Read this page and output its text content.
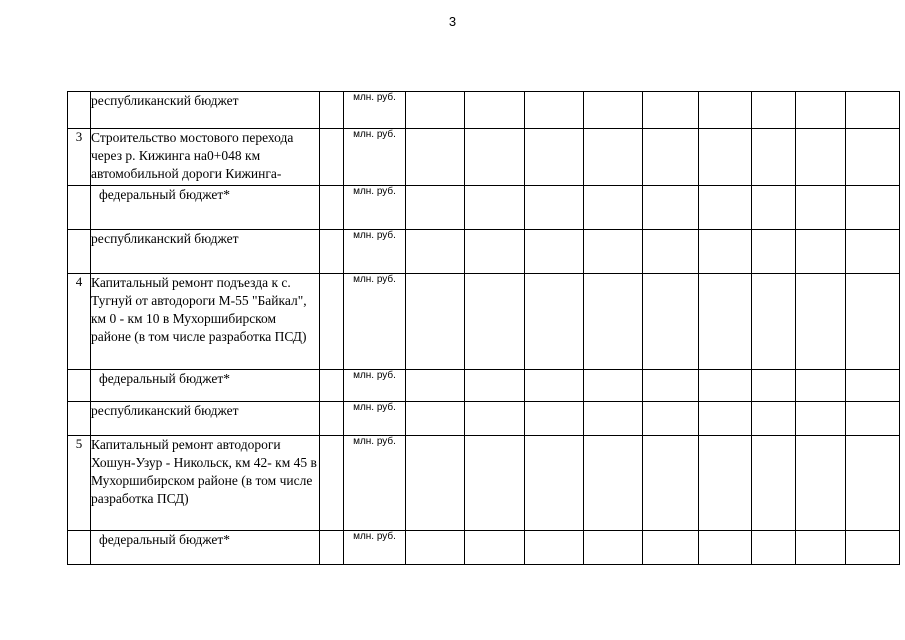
3

	республиканский бюджет		млн. руб.									
3	Строительство мостового перехода через р. Кижинга на0+048 км автомобильной дороги Кижинга-		млн. руб.									

	федеральный бюджет*		млн. руб.									

	республиканский бюджет		млн. руб.									
4	Капитальный ремонт подъезда к с. Тугнуй от автодороги М-55 "Байкал", км 0 - км 10 в Мухоршибирском районе (в том числе разработка ПСД)		млн. руб.									

	федеральный бюджет*		млн. руб.									

	республиканский бюджет		млн. руб.									
5	Капитальный ремонт автодороги Хошун-Узур - Никольск, км 42- км 45 в Мухоршибирском районе (в том числе разработка ПСД)		млн. руб.									

	федеральный бюджет*		млн. руб.									
